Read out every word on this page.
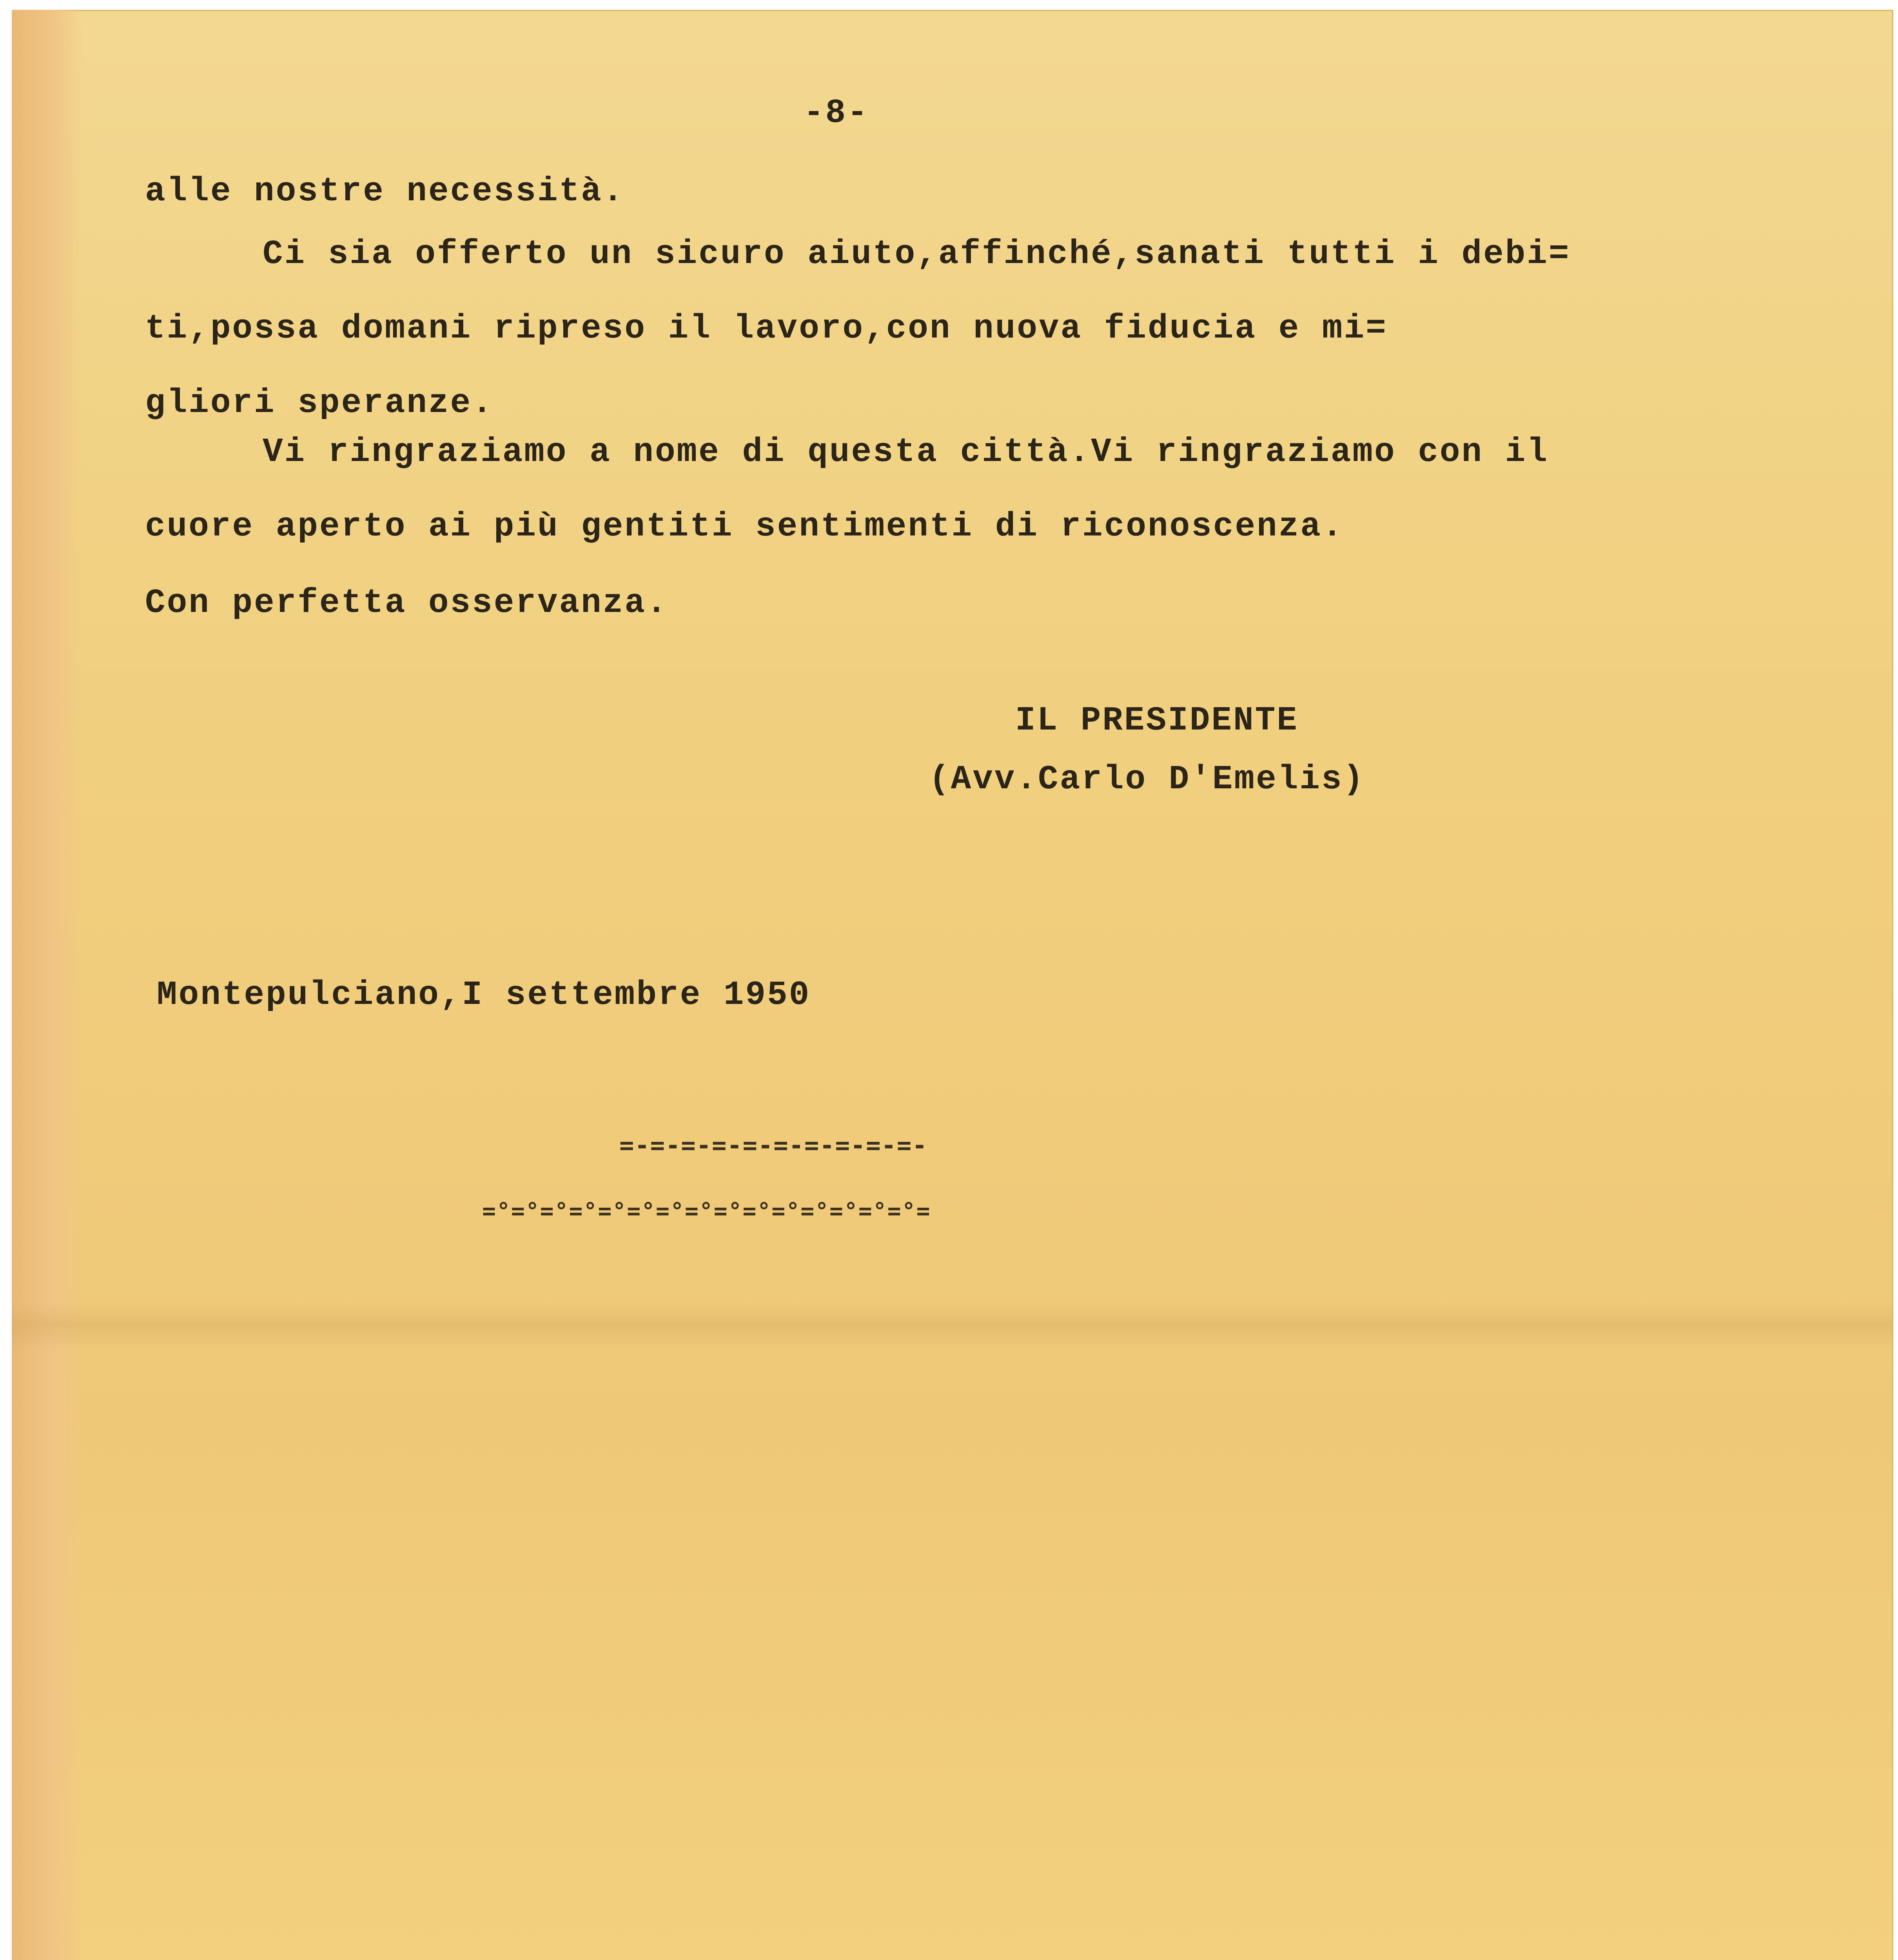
-8-
alle nostre necessità.
Ci sia offerto un sicuro aiuto,affinché,sanati tutti i debi=
ti,possa domani ripreso il lavoro,con nuova fiducia e mi=
gliori speranze.
Vi ringraziamo a nome di questa città.Vi ringraziamo con il
cuore aperto ai più gentiti sentimenti di riconoscenza.
Con perfetta osservanza.
IL PRESIDENTE
(Avv.Carlo D'Emelis)
Montepulciano,I settembre 1950
=-=-=-=-=-=-=-=-=-=-
=°=°=°=°=°=°=°=°=°=°=°=°=°=°=°=
